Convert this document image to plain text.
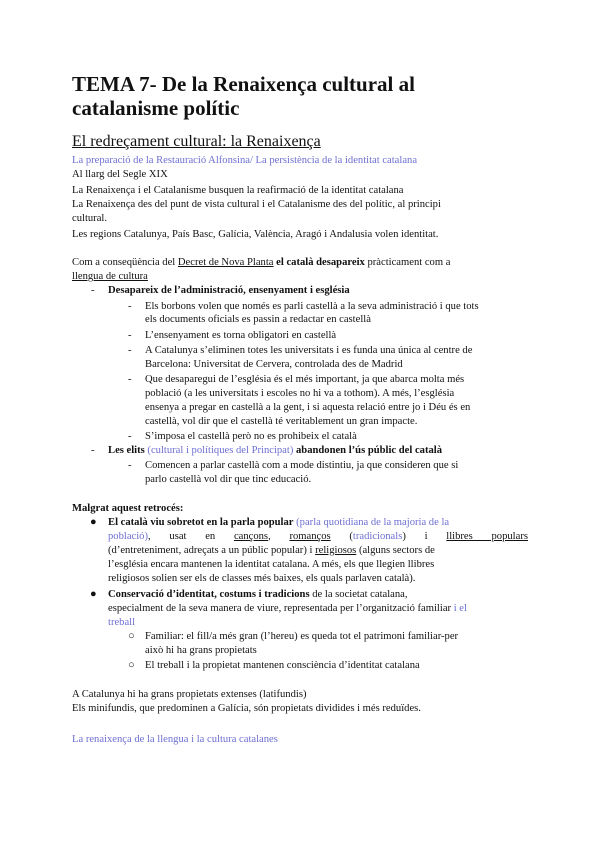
TEMA 7- De la Renaixença cultural al
catalanisme polític
El redreçament cultural: la Renaixença
La preparació de la Restauració Alfonsina/ La persistència de la identitat catalana
Al llarg del Segle XIX
La Renaixença i el Catalanisme busquen la reafirmació de la identitat catalana
La Renaixença des del punt de vista cultural i el Catalanisme des del polític, al principi
cultural.
Les regions Catalunya, País Basc, Galícia, València, Aragó i Andalusia volen identitat.
Com a conseqüència del Decret de Nova Planta el català desapareix pràcticament com a
llengua de cultura
- Desapareix de l’administració, ensenyament i església
- Els borbons volen que només es parli castellà a la seva administració i que tots
els documents oficials es passin a redactar en castellà
- L’ensenyament es torna obligatori en castellà
- A Catalunya s’eliminen totes les universitats i es funda una única al centre de
Barcelona: Universitat de Cervera, controlada des de Madrid
- Que desaparegui de l’església és el més important, ja que abarca molta més
població (a les universitats i escoles no hi va a tothom). A més, l’església
ensenya a pregar en castellà a la gent, i si aquesta relació entre jo i Déu és en
castellà, vol dir que el castellà té veritablement un gran impacte.
- S’imposa el castellà però no es prohibeix el català
- Les elits (cultural i polítiques del Principat) abandonen l’ús públic del català
- Comencen a parlar castellà com a mode distintiu, ja que consideren que si
parlo castellà vol dir que tinc educació.
Malgrat aquest retrocés:
● El català viu sobretot en la parla popular (parla quotidiana de la majoria de la
població), usat en cançons, romanços (tradicionals) i llibres populars
(d’entreteniment, adreçats a un públic popular) i religiosos (alguns sectors de
l’església encara mantenen la identitat catalana. A més, els que llegien llibres
religiosos solien ser els de classes més baixes, els quals parlaven català).
● Conservació d’identitat, costums i tradicions de la societat catalana,
especialment de la seva manera de viure, representada per l’organització familiar i el
treball
○ Familiar: el fill/a més gran (l’hereu) es queda tot el patrimoni familiar-per
això hi ha grans propietats
○ El treball i la propietat mantenen consciència d’identitat catalana
A Catalunya hi ha grans propietats extenses (latifundis)
Els minifundis, que predominen a Galícia, són propietats dividides i més reduïdes.
La renaixença de la llengua i la cultura catalanes
